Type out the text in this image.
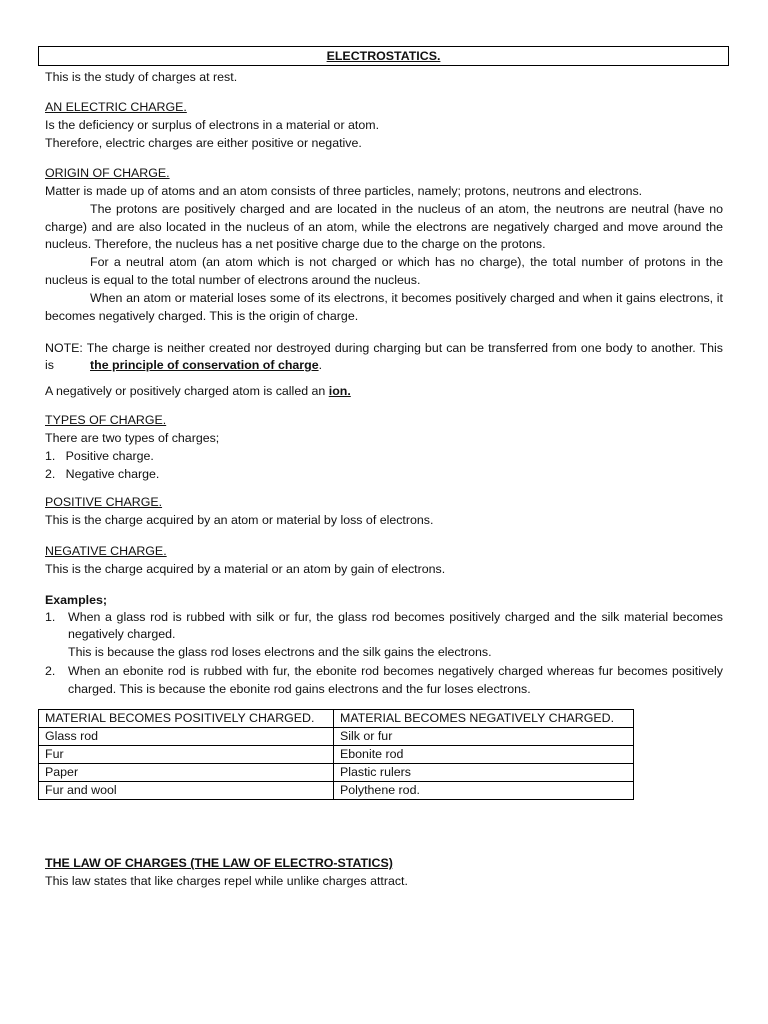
ELECTROSTATICS.
This is the study of charges at rest.
AN ELECTRIC CHARGE.
Is the deficiency or surplus of electrons in a material or atom.
Therefore, electric charges are either positive or negative.
ORIGIN OF CHARGE.
Matter is made up of atoms and an atom consists of three particles, namely; protons, neutrons and electrons.
The protons are positively charged and are located in the nucleus of an atom, the neutrons are neutral (have no
charge) and are also located in the nucleus of an atom, while the electrons are negatively charged and move around the
nucleus. Therefore, the nucleus has a net positive charge due to the charge on the protons.
For a neutral atom (an atom which is not charged or which has no charge), the total number of protons in the
nucleus is equal to the total number of electrons around the nucleus.
When an atom or material loses some of its electrons, it becomes positively charged and when it gains electrons, it
becomes negatively charged. This is the origin of charge.
NOTE: The charge is neither created nor destroyed during charging but can be transferred from one body to another. This is	the principle of conservation of charge.
A negatively or positively charged atom is called an ion.
TYPES OF CHARGE.
There are two types of charges;
1.   Positive charge.
2.   Negative charge.
POSITIVE CHARGE.
This is the charge acquired by an atom or material by loss of electrons.
NEGATIVE CHARGE.
This is the charge acquired by a material or an atom by gain of electrons.
Examples;
1. When a glass rod is rubbed with silk or fur, the glass rod becomes positively charged and the silk material becomes
negatively charged.
This is because the glass rod loses electrons and the silk gains the electrons.
2. When an ebonite rod is rubbed with fur, the ebonite rod becomes negatively charged whereas fur becomes positively
charged. This is because the ebonite rod gains electrons and the fur loses electrons.
MATERIAL BECOMES POSITIVELY CHARGED.	MATERIAL BECOMES NEGATIVELY CHARGED.
Glass rod	Silk or fur
Fur	Ebonite rod
Paper	Plastic rulers
Fur and wool	Polythene rod.
THE LAW OF CHARGES (THE LAW OF ELECTRO-STATICS)
This law states that like charges repel while unlike charges attract.
